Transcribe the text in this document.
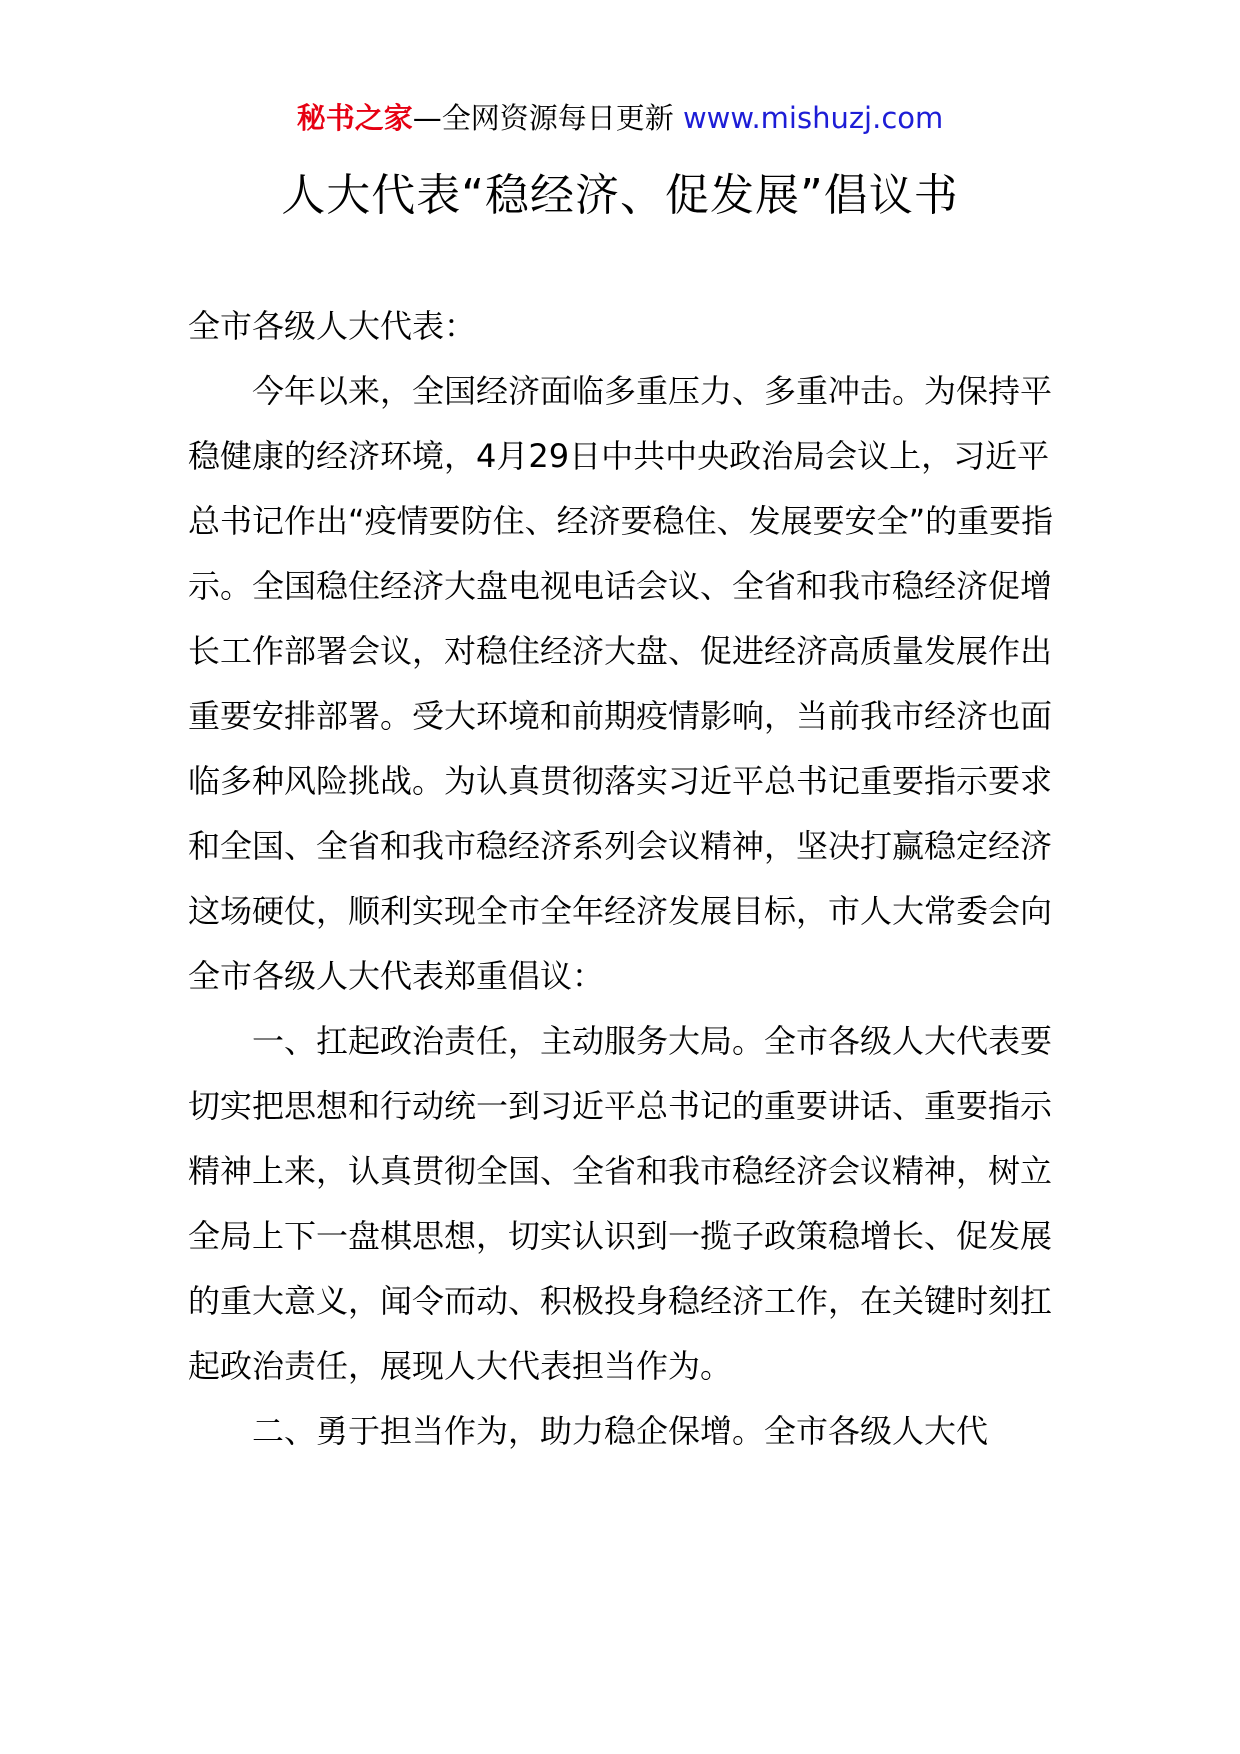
秘书之家—全网资源每日更新 www.mishuzj.com
人大代表“稳经济、促发展”倡议书

全市各级人大代表：

今年以来，全国经济面临多重压力、多重冲击。为保持平稳健康的经济环境，4月29日中共中央政治局会议上，习近平总书记作出“疫情要防住、经济要稳住、发展要安全”的重要指示。全国稳住经济大盘电视电话会议、全省和我市稳经济促增长工作部署会议，对稳住经济大盘、促进经济高质量发展作出重要安排部署。受大环境和前期疫情影响，当前我市经济也面临多种风险挑战。为认真贯彻落实习近平总书记重要指示要求和全国、全省和我市稳经济系列会议精神，坚决打赢稳定经济这场硬仗，顺利实现全市全年经济发展目标，市人大常委会向全市各级人大代表郑重倡议：

一、扛起政治责任，主动服务大局。全市各级人大代表要切实把思想和行动统一到习近平总书记的重要讲话、重要指示精神上来，认真贯彻全国、全省和我市稳经济会议精神，树立全局上下一盘棋思想，切实认识到一揽子政策稳增长、促发展的重大意义，闻令而动、积极投身稳经济工作，在关键时刻扛起政治责任，展现人大代表担当作为。

二、勇于担当作为，助力稳企保增。全市各级人大代
